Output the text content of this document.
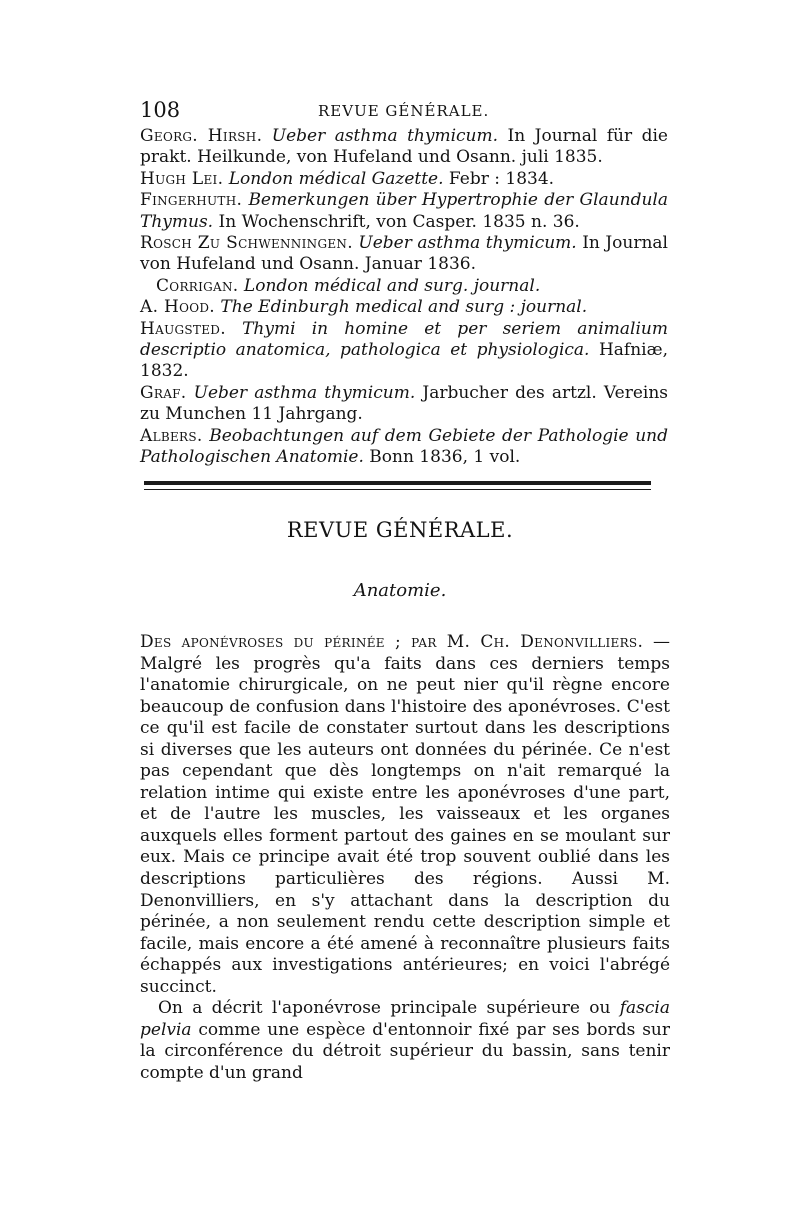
108	REVUE GÉNÉRALE.

Georg. Hirsh. Ueber asthma thymicum. In Journal für die prakt. Heilkunde, von Hufeland und Osann. juli 1835.

Hugh Lei. London médical Gazette. Febr : 1834.

Fingerhuth. Bemerkungen über Hypertrophie der Glaundula Thymus. In Wochenschrift, von Casper. 1835 n. 36.

Rosch Zu Schwenningen. Ueber asthma thymicum. In Journal von Hufeland und Osann. Januar 1836.

Corrigan. London médical and surg. journal.

A. Hood. The Edinburgh medical and surg : journal.

Haugsted. Thymi in homine et per seriem animalium descriptio anatomica, pathologica et physiologica. Hafniæ, 1832.

Graf. Ueber asthma thymicum. Jarbucher des artzl. Vereins zu Munchen 11 Jahrgang.

Albers. Beobachtungen auf dem Gebiete der Pathologie und Pathologischen Anatomie. Bonn 1836, 1 vol.

REVUE GÉNÉRALE.
Anatomie.

Des aponévroses du périnée ; par M. Ch. Denonvilliers. — Malgré les progrès qu'a faits dans ces derniers temps l'anatomie chirurgicale, on ne peut nier qu'il règne encore beaucoup de confusion dans l'histoire des aponévroses. C'est ce qu'il est facile de constater surtout dans les descriptions si diverses que les auteurs ont données du périnée. Ce n'est pas cependant que dès longtemps on n'ait remarqué la relation intime qui existe entre les aponévroses d'une part, et de l'autre les muscles, les vaisseaux et les organes auxquels elles forment partout des gaines en se moulant sur eux. Mais ce principe avait été trop souvent oublié dans les descriptions particulières des régions. Aussi M. Denonvilliers, en s'y attachant dans la description du périnée, a non seulement rendu cette description simple et facile, mais encore a été amené à reconnaître plusieurs faits échappés aux investigations antérieures; en voici l'abrégé succinct.

On a décrit l'aponévrose principale supérieure ou fascia pelvia comme une espèce d'entonnoir fixé par ses bords sur la circonférence du détroit supérieur du bassin, sans tenir compte d'un grand
